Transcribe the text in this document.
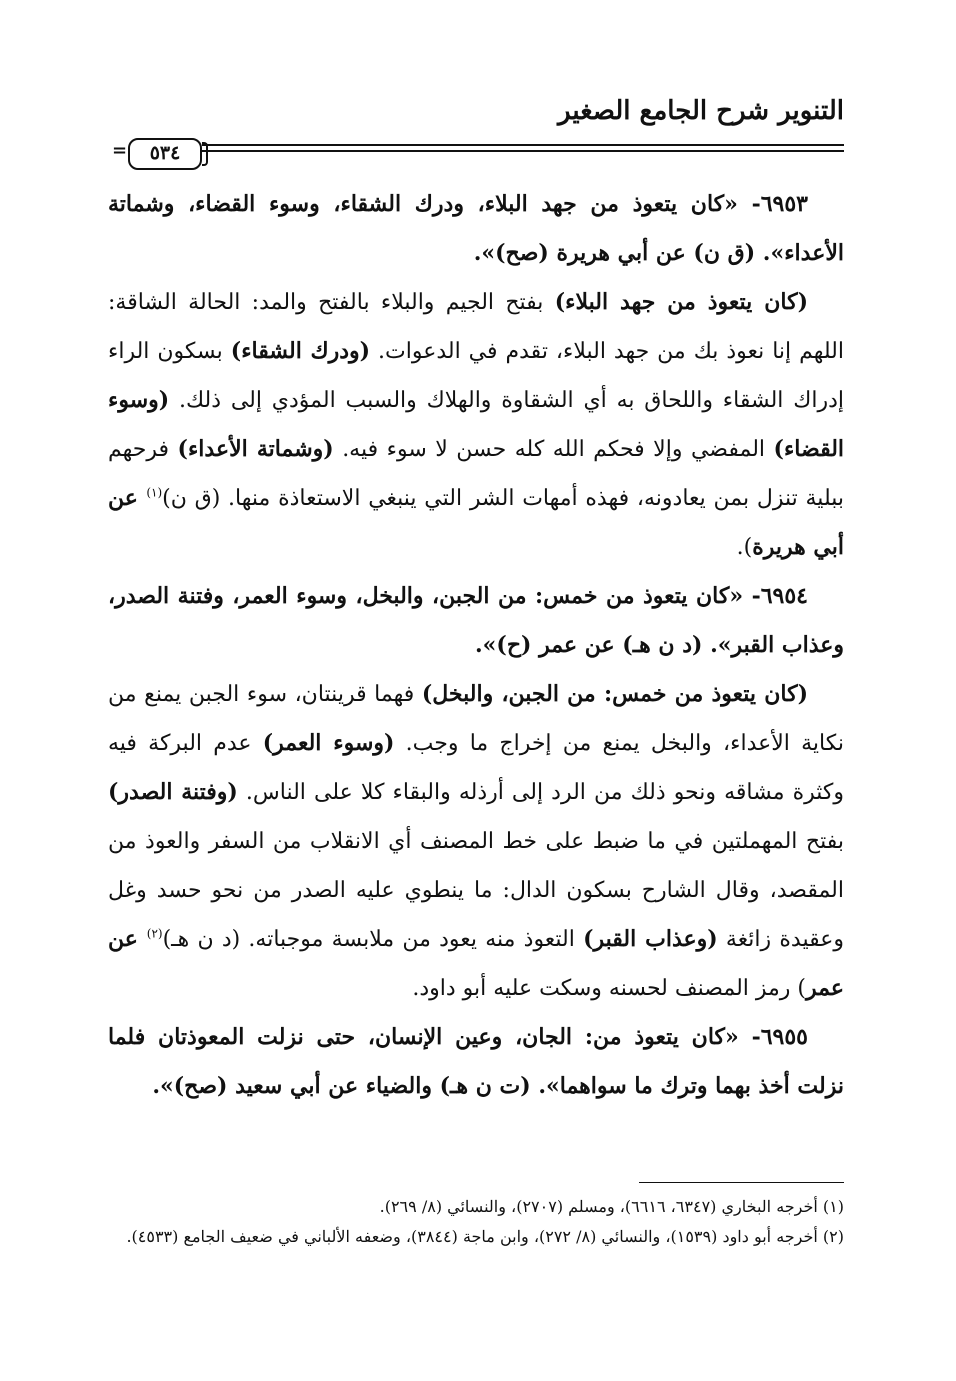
التنوير شرح الجامع الصغير
=	٥٣٤

٦٩٥٣- «كان يتعوذ من جهد البلاء، ودرك الشقاء، وسوء القضاء، وشماتة الأعداء». (ق ن) عن أبي هريرة (صح)».

(كان يتعوذ من جهد البلاء) بفتح الجيم والبلاء بالفتح والمد: الحالة الشاقة: اللهم إنا نعوذ بك من جهد البلاء، تقدم في الدعوات. (ودرك الشقاء) بسكون الراء إدراك الشقاء واللحاق به أي الشقاوة والهلاك والسبب المؤدي إلى ذلك. (وسوء القضاء) المفضي وإلا فحكم الله كله حسن لا سوء فيه. (وشماتة الأعداء) فرحهم ببلية تنزل بمن يعادونه، فهذه أمهات الشر التي ينبغي الاستعاذة منها. (ق ن)$^{(١)}$ عن أبي هريرة).

٦٩٥٤- «كان يتعوذ من خمس: من الجبن، والبخل، وسوء العمر، وفتنة الصدر، وعذاب القبر». (د ن هـ) عن عمر (ح)».

(كان يتعوذ من خمس: من الجبن، والبخل) فهما قرينتان، سوء الجبن يمنع من نكاية الأعداء، والبخل يمنع من إخراج ما وجب. (وسوء العمر) عدم البركة فيه وكثرة مشاقه ونحو ذلك من الرد إلى أرذله والبقاء كلا على الناس. (وفتنة الصدر) بفتح المهملتين في ما ضبط على خط المصنف أي الانقلاب من السفر والعوذ من المقصد، وقال الشارح بسكون الدال: ما ينطوي عليه الصدر من نحو حسد وغل وعقيدة زائغة (وعذاب القبر) التعوذ منه يعود من ملابسة موجباته. (د ن هـ)$^{(٢)}$ عن عمر) رمز المصنف لحسنه وسكت عليه أبو داود.

٦٩٥٥- «كان يتعوذ من: الجان، وعين الإنسان، حتى نزلت المعوذتان فلما نزلت أخذ بهما وترك ما سواهما». (ت ن هـ) والضياء عن أبي سعيد (صح)».

(١) أخرجه البخاري (٦٣٤٧، ٦٦١٦)، ومسلم (٢٧٠٧)، والنسائي (٨/ ٢٦٩).

(٢) أخرجه أبو داود (١٥٣٩)، والنسائي (٨/ ٢٧٢)، وابن ماجة (٣٨٤٤)، وضعفه الألباني في ضعيف الجامع (٤٥٣٣).
